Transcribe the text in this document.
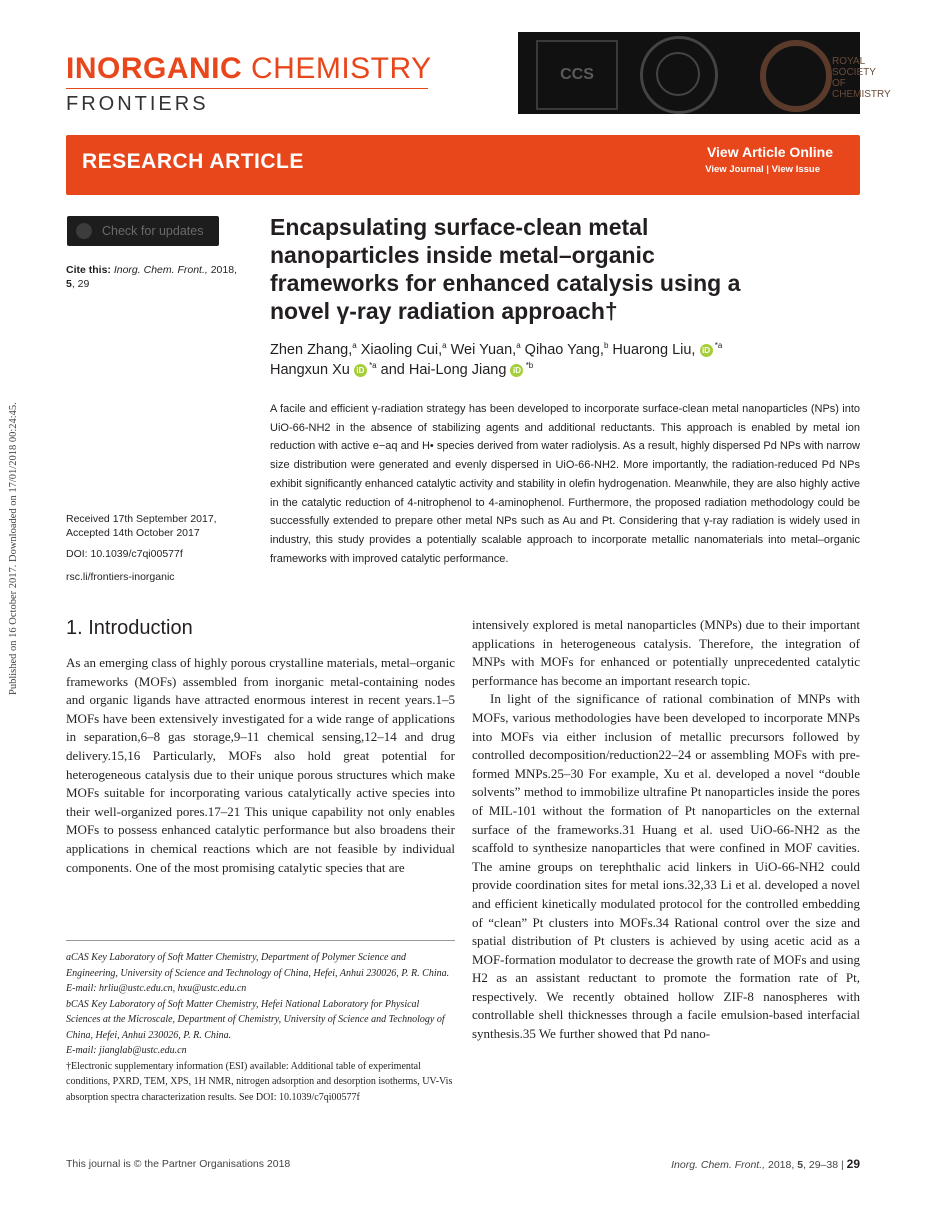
INORGANIC CHEMISTRY
FRONTIERS
CCS
ROYAL SOCIETY OF CHEMISTRY
RESEARCH ARTICLE	View Article Online
View Journal | View Issue
Published on 16 October 2017. Downloaded on 17/01/2018 00:24:45.
Check for updates
Cite this: Inorg. Chem. Front., 2018,
5, 29
Received 17th September 2017,
Accepted 14th October 2017
DOI: 10.1039/c7qi00577f
rsc.li/frontiers-inorganic
Encapsulating surface-clean metal nanoparticles inside metal–organic frameworks for enhanced catalysis using a novel γ-ray radiation approach†
Zhen Zhang,$^a$ Xiaoling Cui,$^a$ Wei Yuan,$^a$ Qihao Yang,$^b$ Huarong Liu, iD $^{*a}$
Hangxun Xu iD $^{*a}$ and Hai-Long Jiang iD $^{*b}$
A facile and efficient γ-radiation strategy has been developed to incorporate surface-clean metal nanoparticles (NPs) into UiO-66-NH2 in the absence of stabilizing agents and additional reductants. This approach is enabled by metal ion reduction with active e−aq and H• species derived from water radiolysis. As a result, highly dispersed Pd NPs with narrow size distribution were generated and evenly dispersed in UiO-66-NH2. More importantly, the radiation-reduced Pd NPs exhibit significantly enhanced catalytic activity and stability in olefin hydrogenation. Meanwhile, they are also highly active in the catalytic reduction of 4-nitrophenol to 4-aminophenol. Furthermore, the proposed radiation methodology could be successfully extended to prepare other metal NPs such as Au and Pt. Considering that γ-ray radiation is widely used in industry, this study provides a potentially scalable approach to incorporate metallic nanomaterials into metal–organic frameworks with improved catalytic performance.
1. Introduction

As an emerging class of highly porous crystalline materials, metal–organic frameworks (MOFs) assembled from inorganic metal-containing nodes and organic ligands have attracted enormous interest in recent years.1–5 MOFs have been extensively investigated for a wide range of applications in separation,6–8 gas storage,9–11 chemical sensing,12–14 and drug delivery.15,16 Particularly, MOFs also hold great potential for heterogeneous catalysis due to their unique porous structures which make MOFs suitable for incorporating various catalytically active species into their well-organized pores.17–21 This unique capability not only enables MOFs to possess enhanced catalytic performance but also broadens their applications in chemical reactions which are not feasible by individual components. One of the most promising catalytic species that are

intensively explored is metal nanoparticles (MNPs) due to their important applications in heterogeneous catalysis. Therefore, the integration of MNPs with MOFs for enhanced or potentially unprecedented catalytic performance has become an important research topic.

In light of the significance of rational combination of MNPs with MOFs, various methodologies have been developed to incorporate MNPs into MOFs via either inclusion of metallic precursors followed by controlled decomposition/reduction22–24 or assembling MOFs with pre-formed MNPs.25–30 For example, Xu et al. developed a novel “double solvents” method to immobilize ultrafine Pt nanoparticles inside the pores of MIL-101 without the formation of Pt nanoparticles on the external surface of the frameworks.31 Huang et al. used UiO-66-NH2 as the scaffold to synthesize nanoparticles that were confined in MOF cavities. The amine groups on terephthalic acid linkers in UiO-66-NH2 could provide coordination sites for metal ions.32,33 Li et al. developed a novel and efficient kinetically modulated protocol for the controlled embedding of “clean” Pt clusters into MOFs.34 Rational control over the size and spatial distribution of Pt clusters is achieved by using acetic acid as a MOF-formation modulator to decrease the growth rate of MOFs and using H2 as an assistant reductant to promote the formation rate of Pt, respectively. We recently obtained hollow ZIF-8 nanospheres with controllable shell thicknesses through a facile emulsion-based interfacial synthesis.35 We further showed that Pd nano-

aCAS Key Laboratory of Soft Matter Chemistry, Department of Polymer Science and Engineering, University of Science and Technology of China, Hefei, Anhui 230026, P. R. China. E-mail: hrliu@ustc.edu.cn, hxu@ustc.edu.cn

bCAS Key Laboratory of Soft Matter Chemistry, Hefei National Laboratory for Physical Sciences at the Microscale, Department of Chemistry, University of Science and Technology of China, Hefei, Anhui 230026, P. R. China.

E-mail: jianglab@ustc.edu.cn

†Electronic supplementary information (ESI) available: Additional table of experimental conditions, PXRD, TEM, XPS, 1H NMR, nitrogen adsorption and desorption isotherms, UV-Vis absorption spectra characterization results. See DOI: 10.1039/c7qi00577f

This journal is © the Partner Organisations 2018	Inorg. Chem. Front., 2018, 5, 29–38 | 29
